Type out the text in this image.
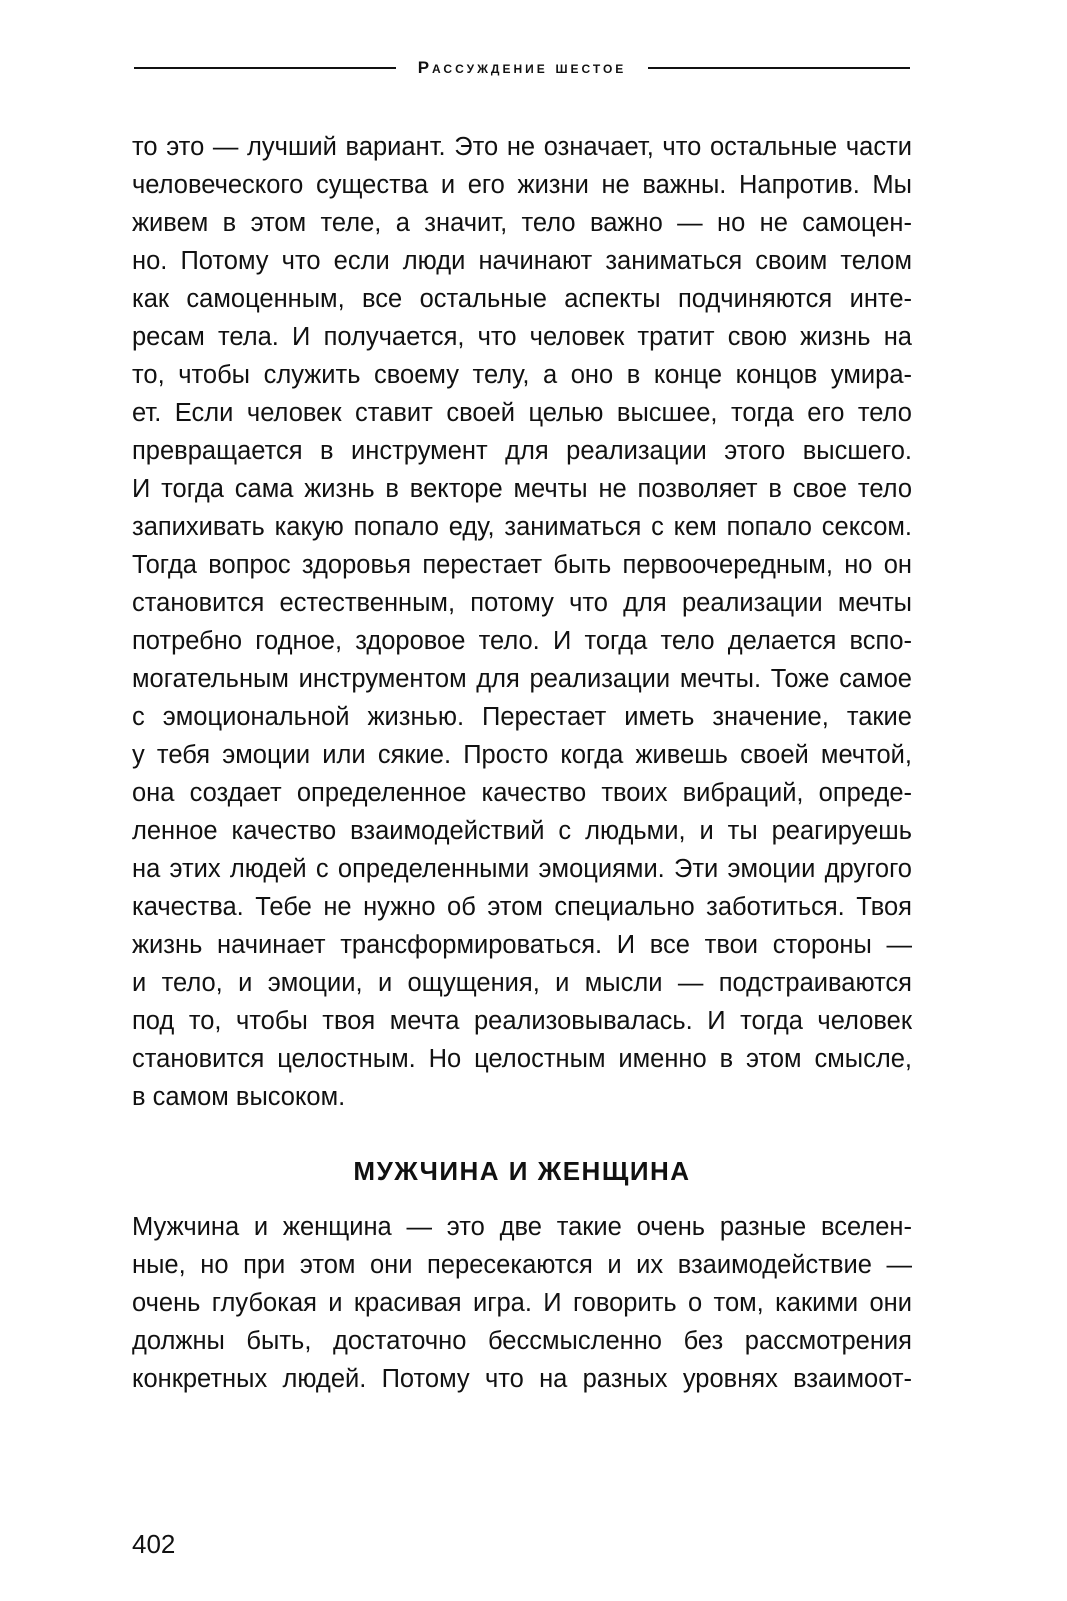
Рассуждение шестое
то это — лучший вариант. Это не означает, что остальные части
человеческого существа и его жизни не важны. Напротив. Мы
живем в этом теле, а значит, тело важно — но не самоцен-
но. Потому что если люди начинают заниматься своим телом
как самоценным, все остальные аспекты подчиняются инте-
ресам тела. И получается, что человек тратит свою жизнь на
то, чтобы служить своему телу, а оно в конце концов умира-
ет. Если человек ставит своей целью высшее, тогда его тело
превращается в инструмент для реализации этого высшего.
И тогда сама жизнь в векторе мечты не позволяет в свое тело
запихивать какую попало еду, заниматься с кем попало сексом.
Тогда вопрос здоровья перестает быть первоочередным, но он
становится естественным, потому что для реализации мечты
потребно годное, здоровое тело. И тогда тело делается вспо-
могательным инструментом для реализации мечты. Тоже самое
с эмоциональной жизнью. Перестает иметь значение, такие
у тебя эмоции или сякие. Просто когда живешь своей мечтой,
она создает определенное качество твоих вибраций, опреде-
ленное качество взаимодействий с людьми, и ты реагируешь
на этих людей с определенными эмоциями. Эти эмоции другого
качества. Тебе не нужно об этом специально заботиться. Твоя
жизнь начинает трансформироваться. И все твои стороны —
и тело, и эмоции, и ощущения, и мысли — подстраиваются
под то, чтобы твоя мечта реализовывалась. И тогда человек
становится целостным. Но целостным именно в этом смысле,
в самом высоком.
МУЖЧИНА И ЖЕНЩИНА
Мужчина и женщина — это две такие очень разные вселен-
ные, но при этом они пересекаются и их взаимодействие —
очень глубокая и красивая игра. И говорить о том, какими они
должны быть, достаточно бессмысленно без рассмотрения
конкретных людей. Потому что на разных уровнях взаимоот-
402
